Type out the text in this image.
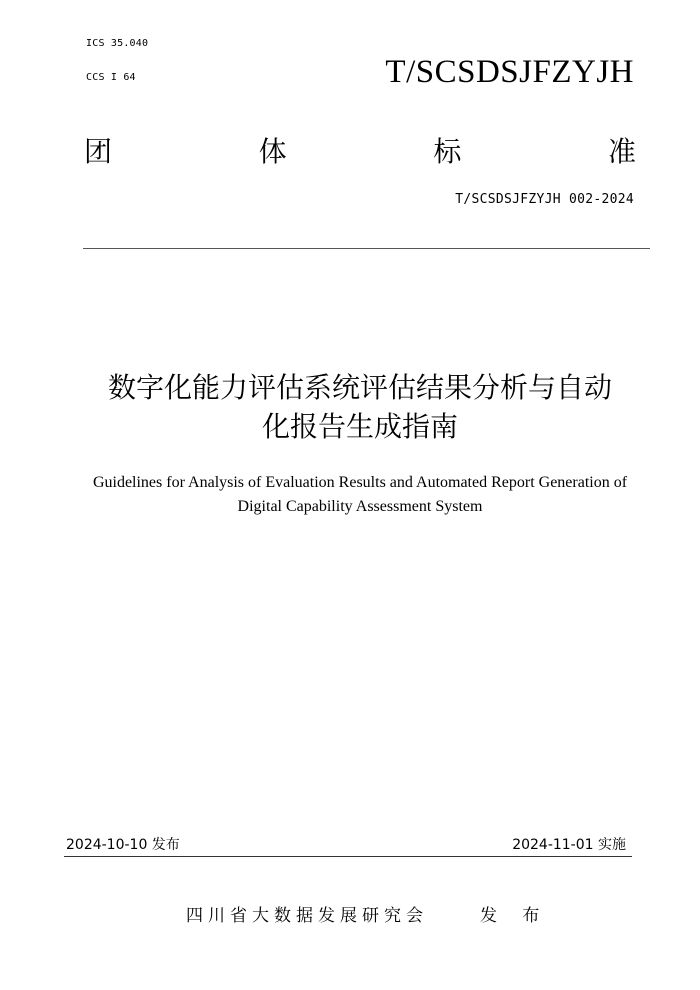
ICS 35.040
CCS I 64	T/SCSDSJFZYJH
团	体	标	准
T/SCSDSJFZYJH 002-2024
数字化能力评估系统评估结果分析与自动
化报告生成指南
Guidelines for Analysis of Evaluation Results and Automated Report Generation of
Digital Capability Assessment System
2024-10-10 发布	2024-11-01 实施
四川省大数据发展研究会	发 布
